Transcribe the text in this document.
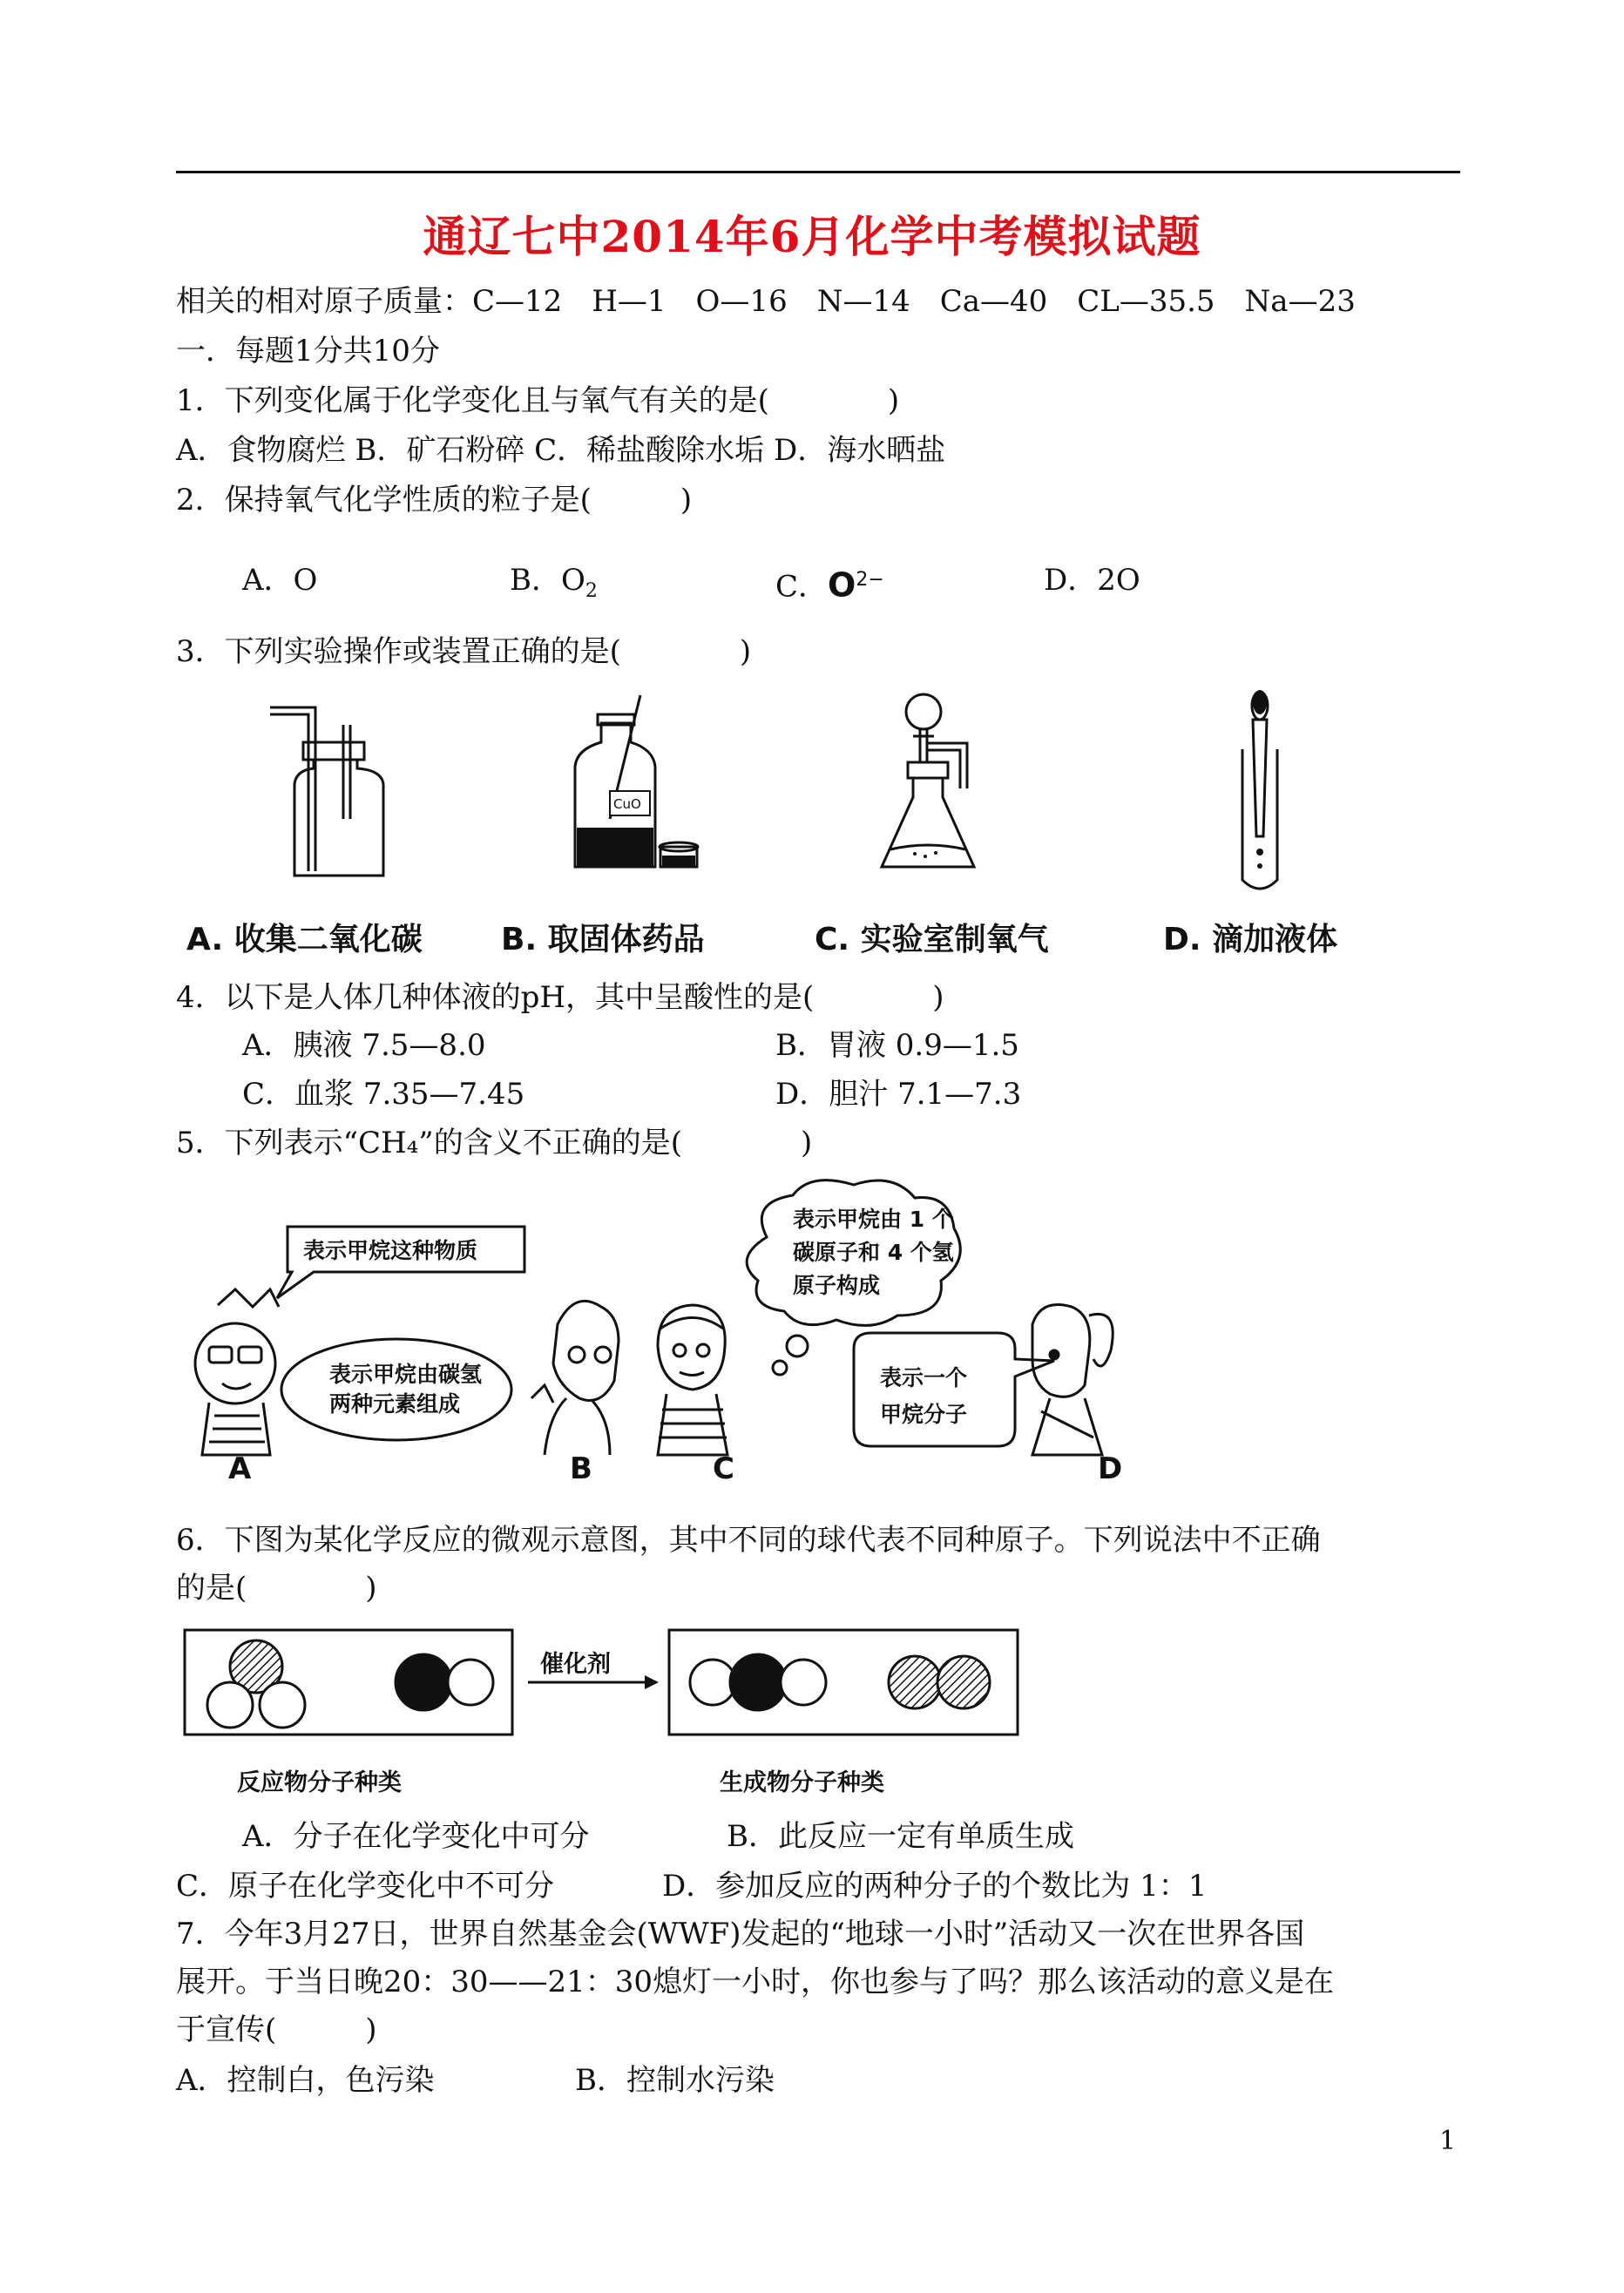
通辽七中2014年6月化学中考模拟试题
相关的相对原子质量：C—12　H—1　O—16　N—14　Ca—40　CL—35.5　Na—23
一．每题1分共10分
1．下列变化属于化学变化且与氧气有关的是(　　　　)
A．食物腐烂 B．矿石粉碎 C．稀盐酸除水垢 D．海水晒盐
2．保持氧气化学性质的粒子是(　　　)
A．O	B．$O_2$	C．$O^{2-}$	D．2O
3．下列实验操作或装置正确的是(　　　　)
CuO
A. 收集二氧化碳	B. 取固体药品	C. 实验室制氧气	D. 滴加液体
4．以下是人体几种体液的pH，其中呈酸性的是(　　　　)
A．胰液 7.5—8.0	B．胃液 0.9—1.5
C．血浆 7.35—7.45	D．胆汁 7.1—7.3
5．下列表示“CH₄”的含义不正确的是(　　　　)
表示甲烷这种物质
表示甲烷由碳氢
两种元素组成
表示甲烷由 1 个
碳原子和 4 个氢
原子构成
表示一个
甲烷分子
A	B	C	D
6．下图为某化学反应的微观示意图，其中不同的球代表不同种原子。下列说法中不正确
的是(　　　　)
催化剂
反应物分子种类	生成物分子种类
A．分子在化学变化中可分	B．此反应一定有单质生成
C．原子在化学变化中不可分	D．参加反应的两种分子的个数比为 1：1
7．今年3月27日，世界自然基金会(WWF)发起的“地球一小时”活动又一次在世界各国
展开。于当日晚20：30——21：30熄灯一小时，你也参与了吗？那么该活动的意义是在
于宣传(　　　)
A．控制白，色污染	B．控制水污染
1
